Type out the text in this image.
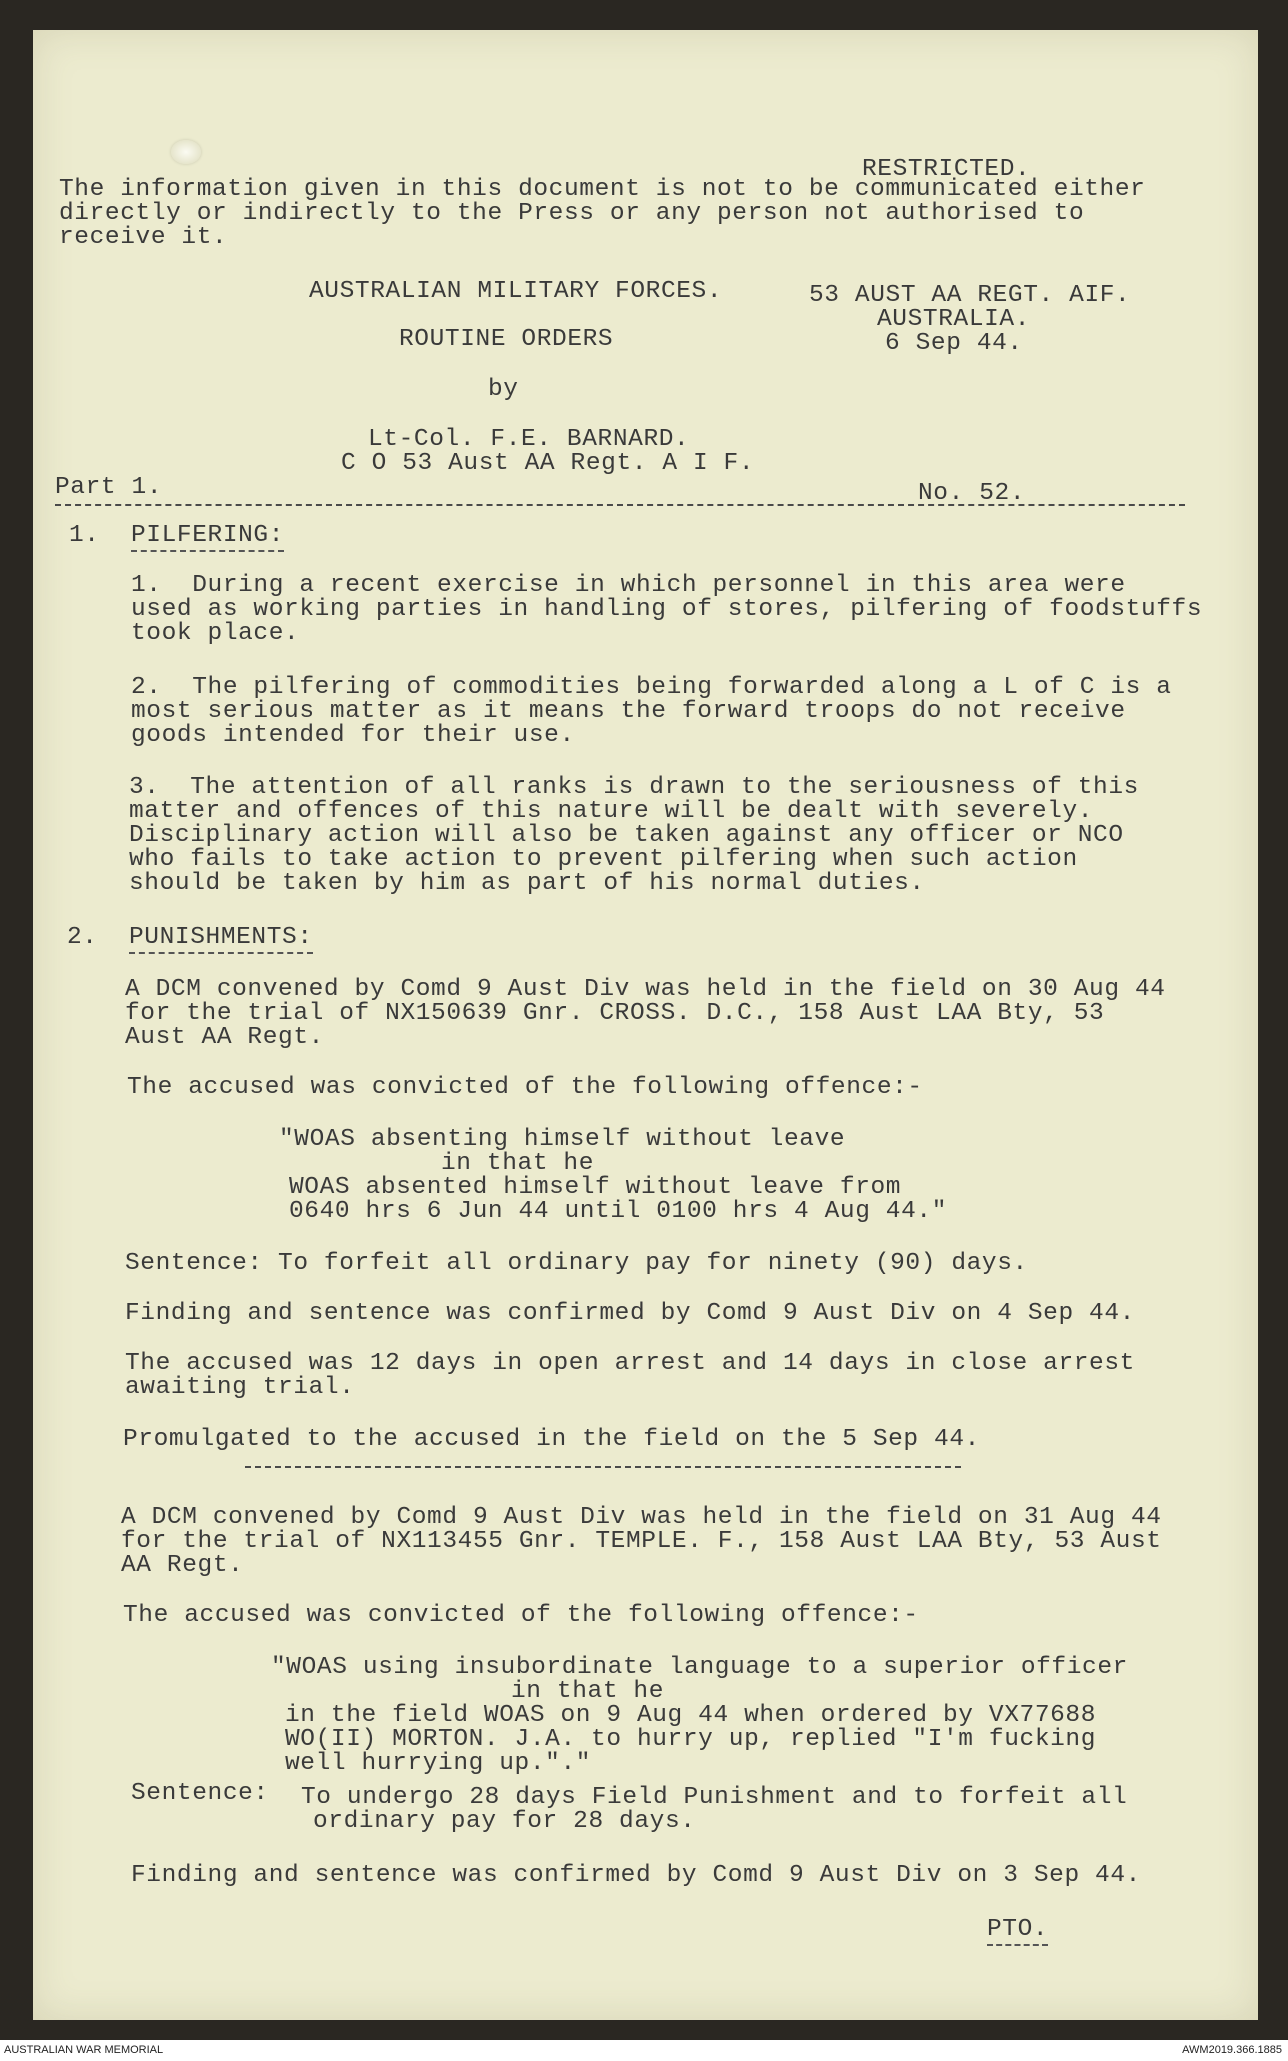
RESTRICTED.
The information given in this document is not to be communicated either
directly or indirectly to the Press or any person not authorised to
receive it.
AUSTRALIAN MILITARY FORCES.	53 AUST AA REGT. AIF.
AUSTRALIA.
6 Sep 44.
ROUTINE ORDERS
by
Lt-Col. F.E. BARNARD.
C O 53 Aust AA Regt. A I F.
Part 1.	No. 52.
1. PILFERING:
1.  During a recent exercise in which personnel in this area were
used as working parties in handling of stores, pilfering of foodstuffs
took place.
2.  The pilfering of commodities being forwarded along a L of C is a
most serious matter as it means the forward troops do not receive
goods intended for their use.
3.  The attention of all ranks is drawn to the seriousness of this
matter and offences of this nature will be dealt with severely.
Disciplinary action will also be taken against any officer or NCO
who fails to take action to prevent pilfering when such action
should be taken by him as part of his normal duties.
2. PUNISHMENTS:
A DCM convened by Comd 9 Aust Div was held in the field on 30 Aug 44
for the trial of NX150639 Gnr. CROSS. D.C., 158 Aust LAA Bty, 53
Aust AA Regt.
The accused was convicted of the following offence:-
"WOAS absenting himself without leave
in that he
WOAS absented himself without leave from
0640 hrs 6 Jun 44 until 0100 hrs 4 Aug 44."
Sentence: To forfeit all ordinary pay for ninety (90) days.
Finding and sentence was confirmed by Comd 9 Aust Div on 4 Sep 44.
The accused was 12 days in open arrest and 14 days in close arrest
awaiting trial.
Promulgated to the accused in the field on the 5 Sep 44.
A DCM convened by Comd 9 Aust Div was held in the field on 31 Aug 44
for the trial of NX113455 Gnr. TEMPLE. F., 158 Aust LAA Bty, 53 Aust
AA Regt.
The accused was convicted of the following offence:-
"WOAS using insubordinate language to a superior officer
in that he
in the field WOAS on 9 Aug 44 when ordered by VX77688
WO(II) MORTON. J.A. to hurry up, replied "I'm fucking
well hurrying up."."
Sentence: To undergo 28 days Field Punishment and to forfeit all
ordinary pay for 28 days.
Finding and sentence was confirmed by Comd 9 Aust Div on 3 Sep 44.
PTO.
AUSTRALIAN WAR MEMORIAL	AWM2019.366.1885
